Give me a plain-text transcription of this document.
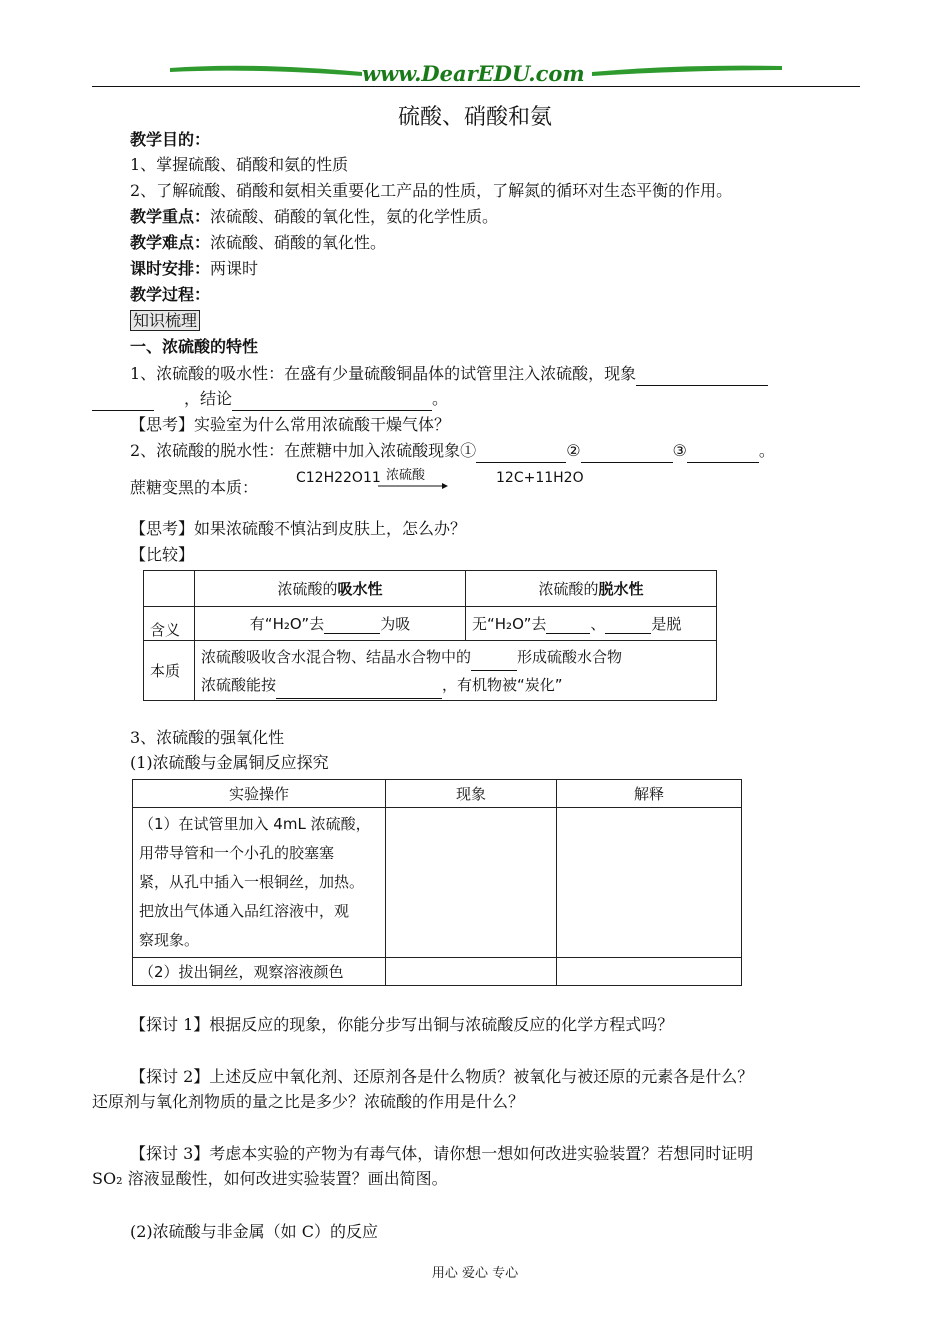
www.DearEDU.com
硫酸、硝酸和氨
教学目的：
1、掌握硫酸、硝酸和氨的性质
2、了解硫酸、硝酸和氨相关重要化工产品的性质，了解氮的循环对生态平衡的作用。
教学重点：浓硫酸、硝酸的氧化性，氨的化学性质。
教学难点：浓硫酸、硝酸的氧化性。
课时安排：两课时
教学过程：
知识梳理
一、浓硫酸的特性
1、浓硫酸的吸水性：在盛有少量硫酸铜晶体的试管里注入浓硫酸，现象
，结论	。
【思考】实验室为什么常用浓硫酸干燥气体？
2、浓硫酸的脱水性：在蔗糖中加入浓硫酸现象①	②	③	。
蔗糖变黑的本质：	C12H22O11 浓硫酸	12C+11H2O
【思考】如果浓硫酸不慎沾到皮肤上，怎么办？
【比较】
	浓硫酸的吸水性	浓硫酸的脱水性
含义	有“H₂O”去 为吸	无“H₂O”去 、 是脱
本质	浓硫酸吸收含水混合物、结晶水合物中的 形成硫酸水合物
浓硫酸能按 ，有机物被“炭化”	
3、浓硫酸的强氧化性
(1)浓硫酸与金属铜反应探究
实验操作	现象	解释

（1）在试管里加入 4mL 浓硫酸，
用带导管和一个小孔的胶塞塞
紧，从孔中插入一根铜丝，加热。
把放出气体通入品红溶液中，观
察现象。		

（2）拔出铜丝，观察溶液颜色		
【探讨 1】根据反应的现象，你能分步写出铜与浓硫酸反应的化学方程式吗？
【探讨 2】上述反应中氧化剂、还原剂各是什么物质？被氧化与被还原的元素各是什么？
还原剂与氧化剂物质的量之比是多少？浓硫酸的作用是什么？
【探讨 3】考虑本实验的产物为有毒气体，请你想一想如何改进实验装置？若想同时证明
SO₂ 溶液显酸性，如何改进实验装置？画出简图。
(2)浓硫酸与非金属（如 C）的反应
用心 爱心 专心
